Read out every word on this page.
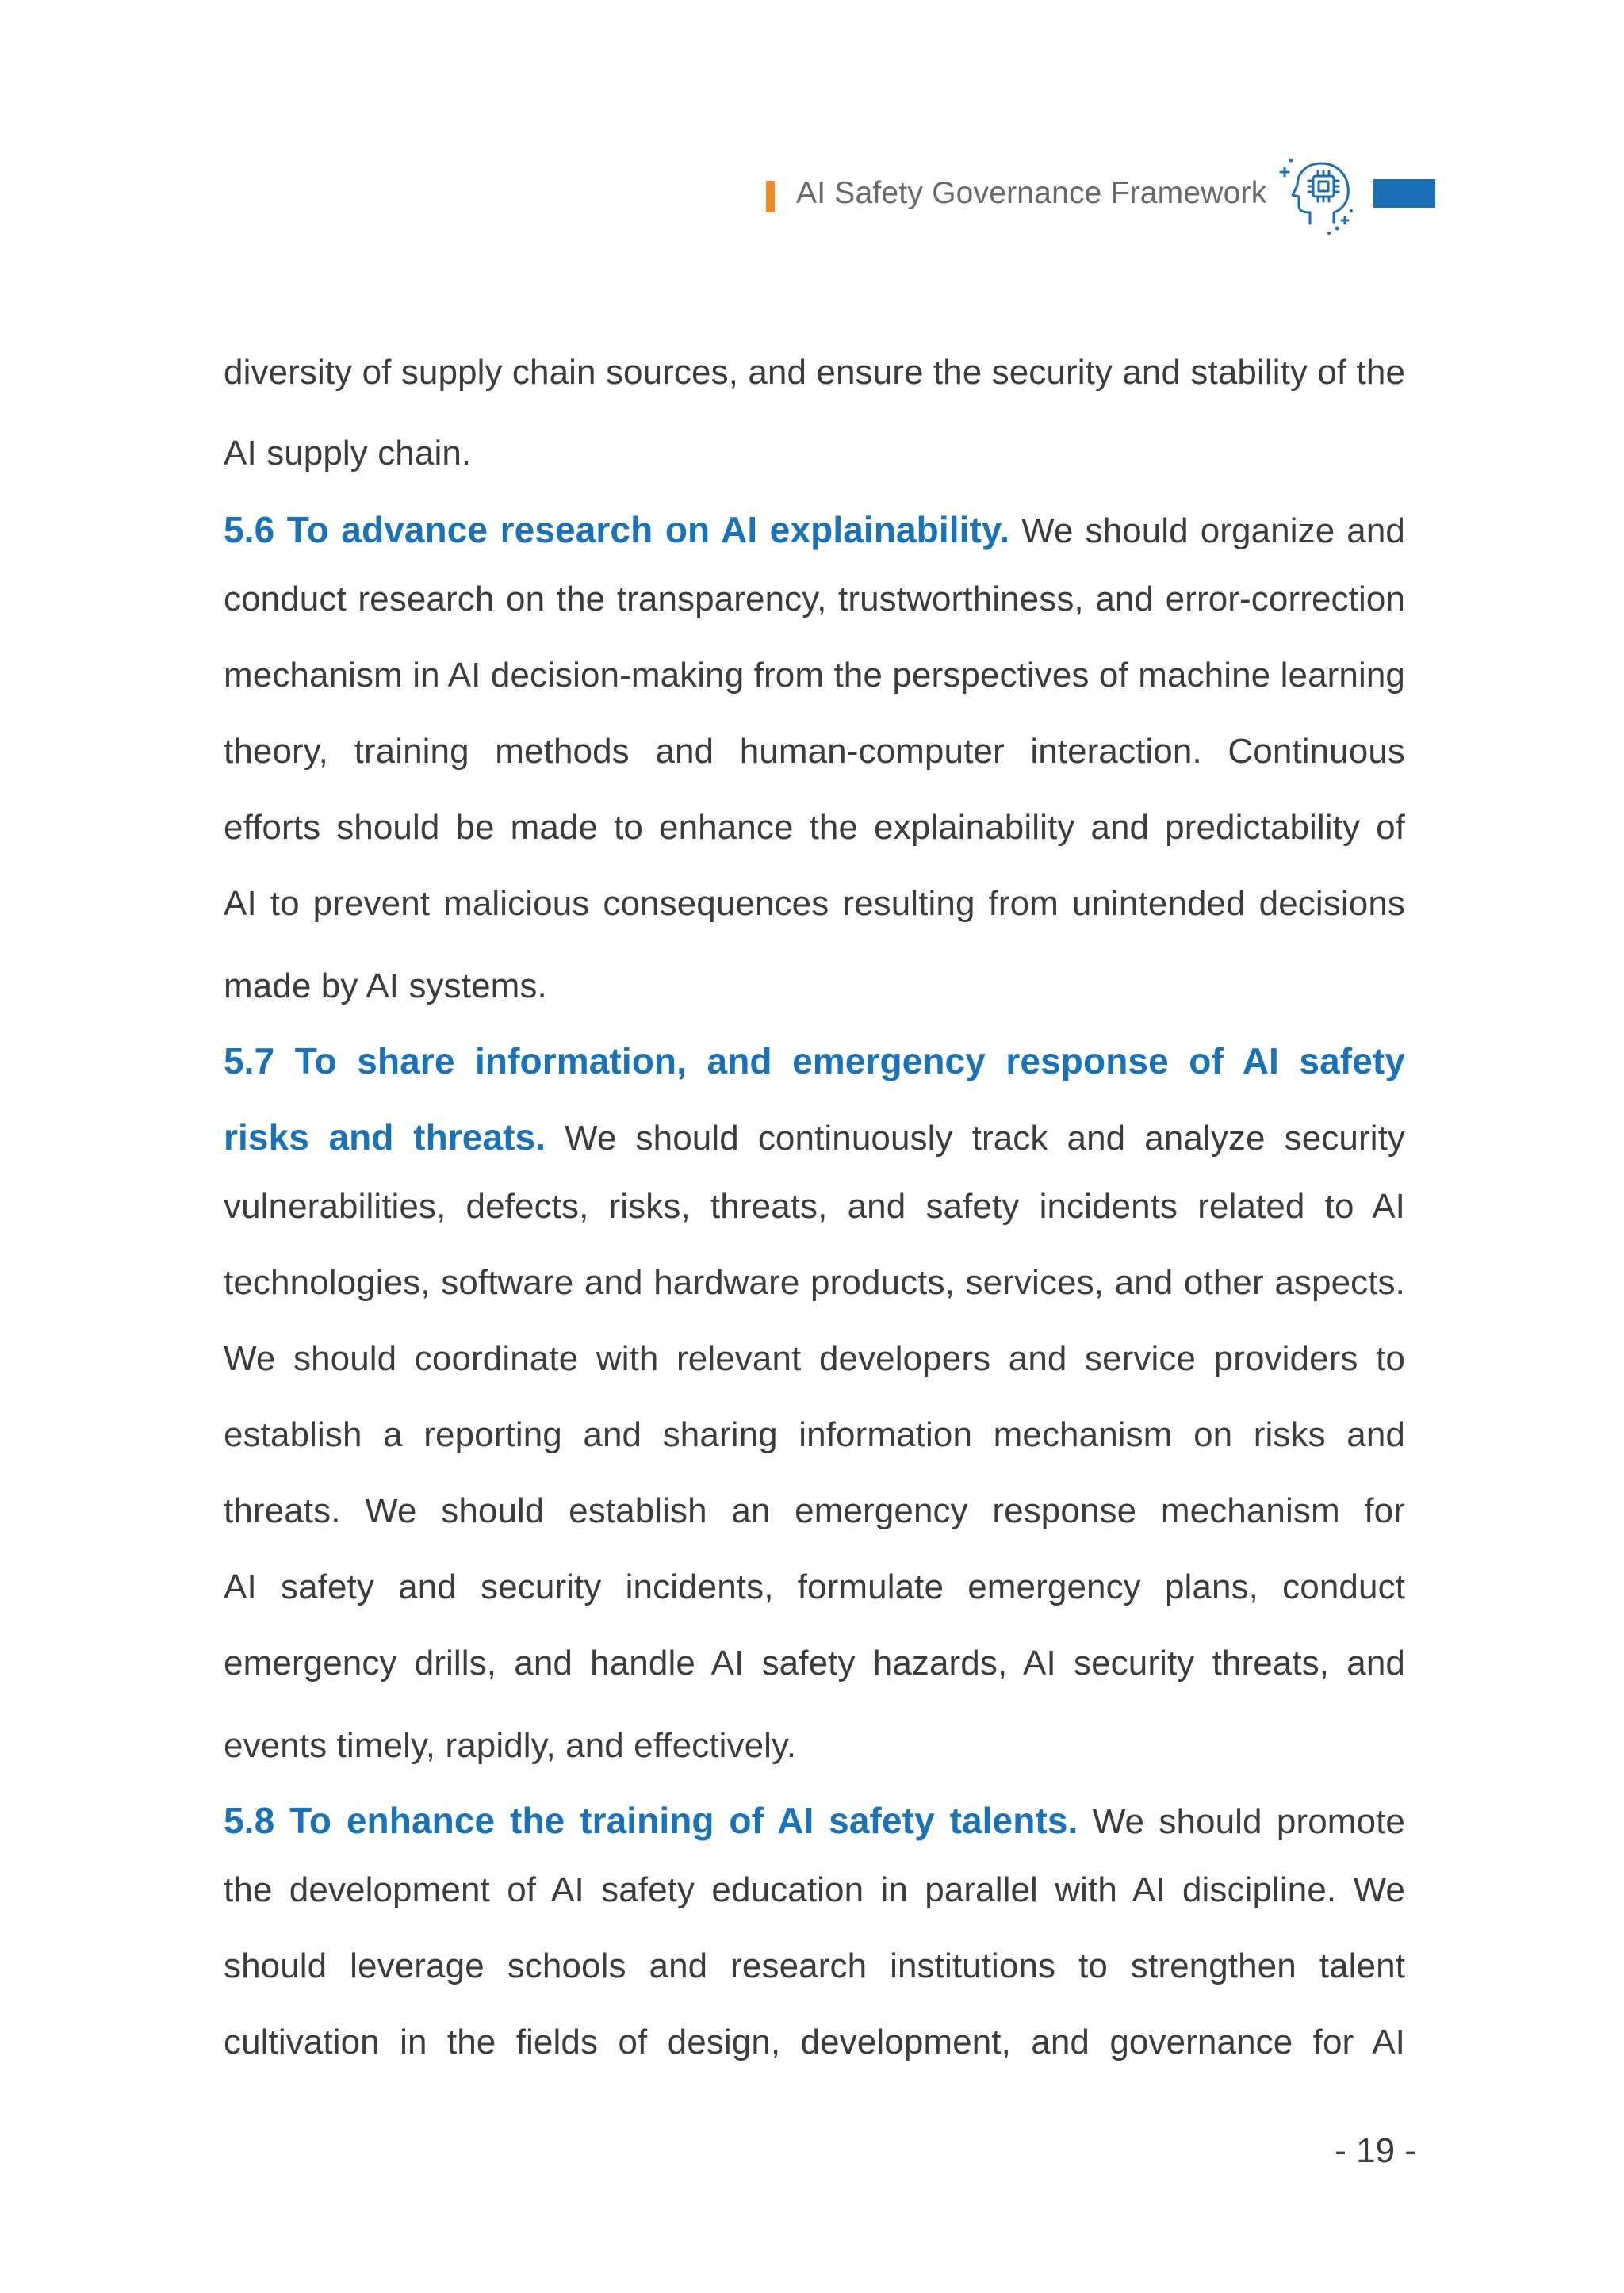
AI Safety Governance Framework
diversity of supply chain sources, and ensure the security and stability of the
AI supply chain.
5.6 To advance research on AI explainability. We should organize and
conduct research on the transparency, trustworthiness, and error-correction
mechanism in AI decision-making from the perspectives of machine learning
theory, training methods and human-computer interaction. Continuous
efforts should be made to enhance the explainability and predictability of
AI to prevent malicious consequences resulting from unintended decisions
made by AI systems.
5.7 To share information, and emergency response of AI safety
risks and threats. We should continuously track and analyze security
vulnerabilities, defects, risks, threats, and safety incidents related to AI
technologies, software and hardware products, services, and other aspects.
We should coordinate with relevant developers and service providers to
establish a reporting and sharing information mechanism on risks and
threats. We should establish an emergency response mechanism for
AI safety and security incidents, formulate emergency plans, conduct
emergency drills, and handle AI safety hazards, AI security threats, and
events timely, rapidly, and effectively.
5.8 To enhance the training of AI safety talents. We should promote
the development of AI safety education in parallel with AI discipline. We
should leverage schools and research institutions to strengthen talent
cultivation in the fields of design, development, and governance for AI
- 19 -
